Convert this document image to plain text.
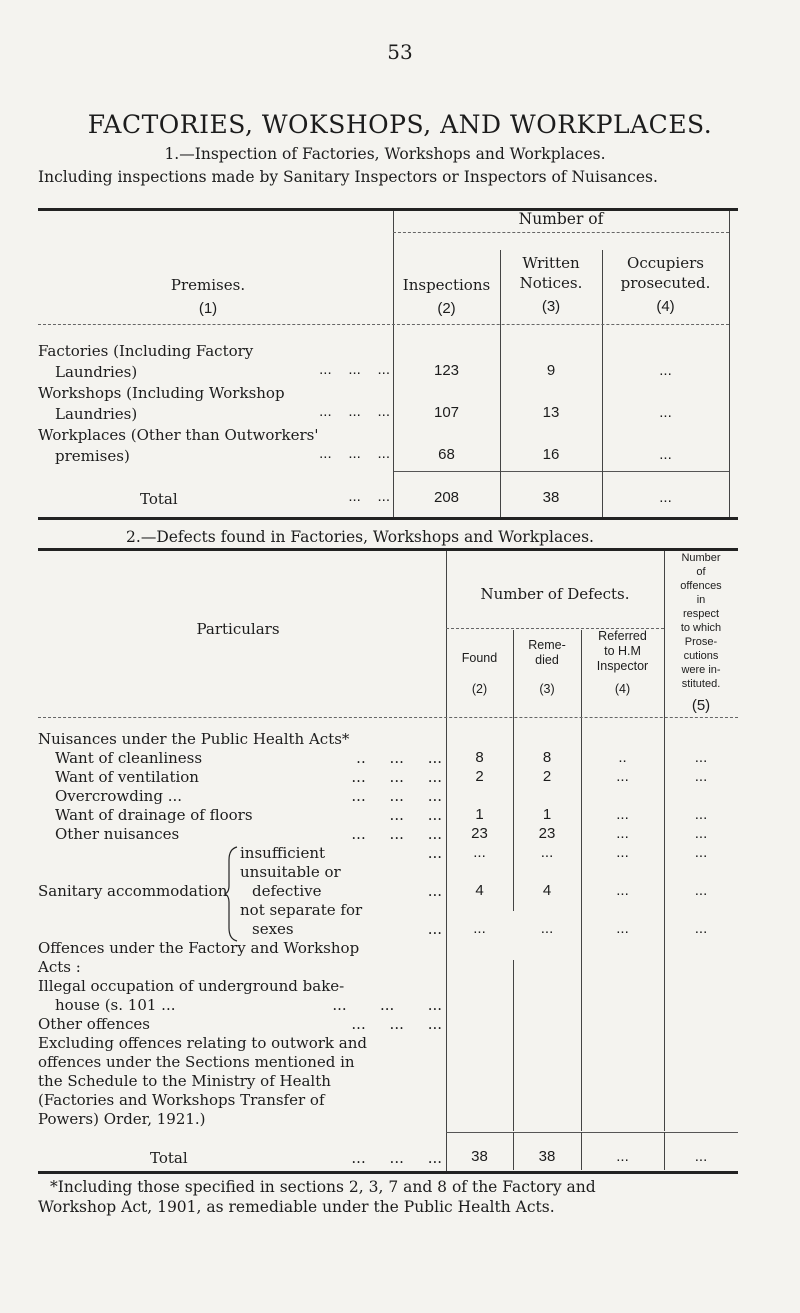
53
FACTORIES, WOKSHOPS, AND WORKPLACES.
1.—Inspection of Factories, Workshops and Workplaces.
Including inspections made by Sanitary Inspectors or Inspectors of Nuisances.
Number of
Premises.
(1)
Inspections
(2)
Written
Notices.
(3)
Occupiers
prosecuted.
(4)
Factories (Including Factory
Laundries)	...    ...    ...	123	9	...
Workshops (Including Workshop
Laundries)	...    ...    ...	107	13	...
Workplaces (Other than Outworkers'
premises)	...    ...    ...	68	16	...
Total	...    ...	208	38	...
2.—Defects found in Factories, Workshops and Workplaces.
Particulars
Number of Defects.
Found
(2)
Reme-
died
(3)
Referred
to H.M
Inspector
(4)
Number
of
offences
in
respect
to which
Prose-
cutions
were in-
stituted.
(5)
Nuisances under the Public Health Acts*
Want of cleanliness	..     ...     ...	8	8	..	...
Want of ventilation	...     ...     ...	2	2	...	...
Overcrowding ...	...     ...     ...
Want of drainage of floors	...     ...	1	1	...	...
Other nuisances	...     ...     ...	23	23	...	...
Sanitary accommodation
insufficient	...	...	...	...	...
unsuitable or
defective	...	4	4	...	...
not separate for
sexes	...	...	...	...	...
Offences under the Factory and Workshop
Acts :
Illegal occupation of underground bake-
house (s. 101 ...	...       ...       ...
Other offences	...     ...     ...
Excluding offences relating to outwork and
offences under the Sections mentioned in
the Schedule to the Ministry of Health
(Factories and Workshops Transfer of
Powers) Order, 1921.)
Total	...     ...     ...	38	38	...	...
*Including those specified in sections 2, 3, 7 and 8 of the Factory and
Workshop Act, 1901, as remediable under the Public Health Acts.
